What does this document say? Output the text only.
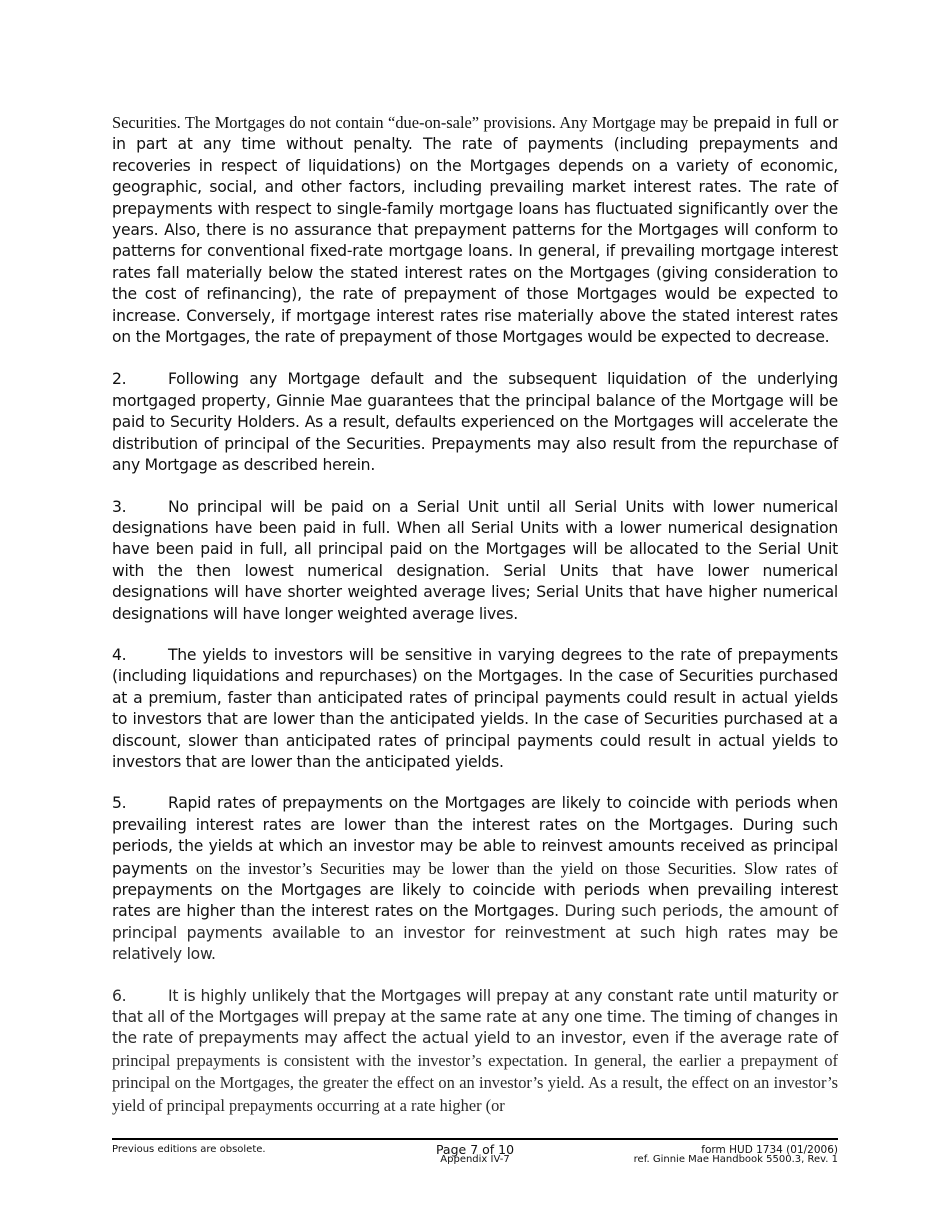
Securities. The Mortgages do not contain “due-on-sale” provisions. Any Mortgage may be prepaid in full or in part at any time without penalty. The rate of payments (including prepayments and recoveries in respect of liquidations) on the Mortgages depends on a variety of economic, geographic, social, and other factors, including prevailing market interest rates. The rate of prepayments with respect to single-family mortgage loans has fluctuated significantly over the years. Also, there is no assurance that prepayment patterns for the Mortgages will conform to patterns for conventional fixed-rate mortgage loans. In general, if prevailing mortgage interest rates fall materially below the stated interest rates on the Mortgages (giving consideration to the cost of refinancing), the rate of prepayment of those Mortgages would be expected to increase. Conversely, if mortgage interest rates rise materially above the stated interest rates on the Mortgages, the rate of prepayment of those Mortgages would be expected to decrease.

2.	Following any Mortgage default and the subsequent liquidation of the underlying mortgaged property, Ginnie Mae guarantees that the principal balance of the Mortgage will be paid to Security Holders. As a result, defaults experienced on the Mortgages will accelerate the distribution of principal of the Securities. Prepayments may also result from the repurchase of any Mortgage as described herein.

3.	No principal will be paid on a Serial Unit until all Serial Units with lower numerical designations have been paid in full. When all Serial Units with a lower numerical designation have been paid in full, all principal paid on the Mortgages will be allocated to the Serial Unit with the then lowest numerical designation. Serial Units that have lower numerical designations will have shorter weighted average lives; Serial Units that have higher numerical designations will have longer weighted average lives.

4.	The yields to investors will be sensitive in varying degrees to the rate of prepayments (including liquidations and repurchases) on the Mortgages. In the case of Securities purchased at a premium, faster than anticipated rates of principal payments could result in actual yields to investors that are lower than the anticipated yields. In the case of Securities purchased at a discount, slower than anticipated rates of principal payments could result in actual yields to investors that are lower than the anticipated yields.

5.	Rapid rates of prepayments on the Mortgages are likely to coincide with periods when prevailing interest rates are lower than the interest rates on the Mortgages. During such periods, the yields at which an investor may be able to reinvest amounts received as principal payments on the investor’s Securities may be lower than the yield on those Securities. Slow rates of prepayments on the Mortgages are likely to coincide with periods when prevailing interest rates are higher than the interest rates on the Mortgages. During such periods, the amount of principal payments available to an investor for reinvestment at such high rates may be relatively low.

6.	It is highly unlikely that the Mortgages will prepay at any constant rate until maturity or that all of the Mortgages will prepay at the same rate at any one time. The timing of changes in the rate of prepayments may affect the actual yield to an investor, even if the average rate of principal prepayments is consistent with the investor’s expectation. In general, the earlier a prepayment of principal on the Mortgages, the greater the effect on an investor’s yield. As a result, the effect on an investor’s yield of principal prepayments occurring at a rate higher (or

Previous editions are obsolete.	Page 7 of 10	form HUD 1734 (01/2006)
Appendix IV-7	ref. Ginnie Mae Handbook 5500.3, Rev. 1
